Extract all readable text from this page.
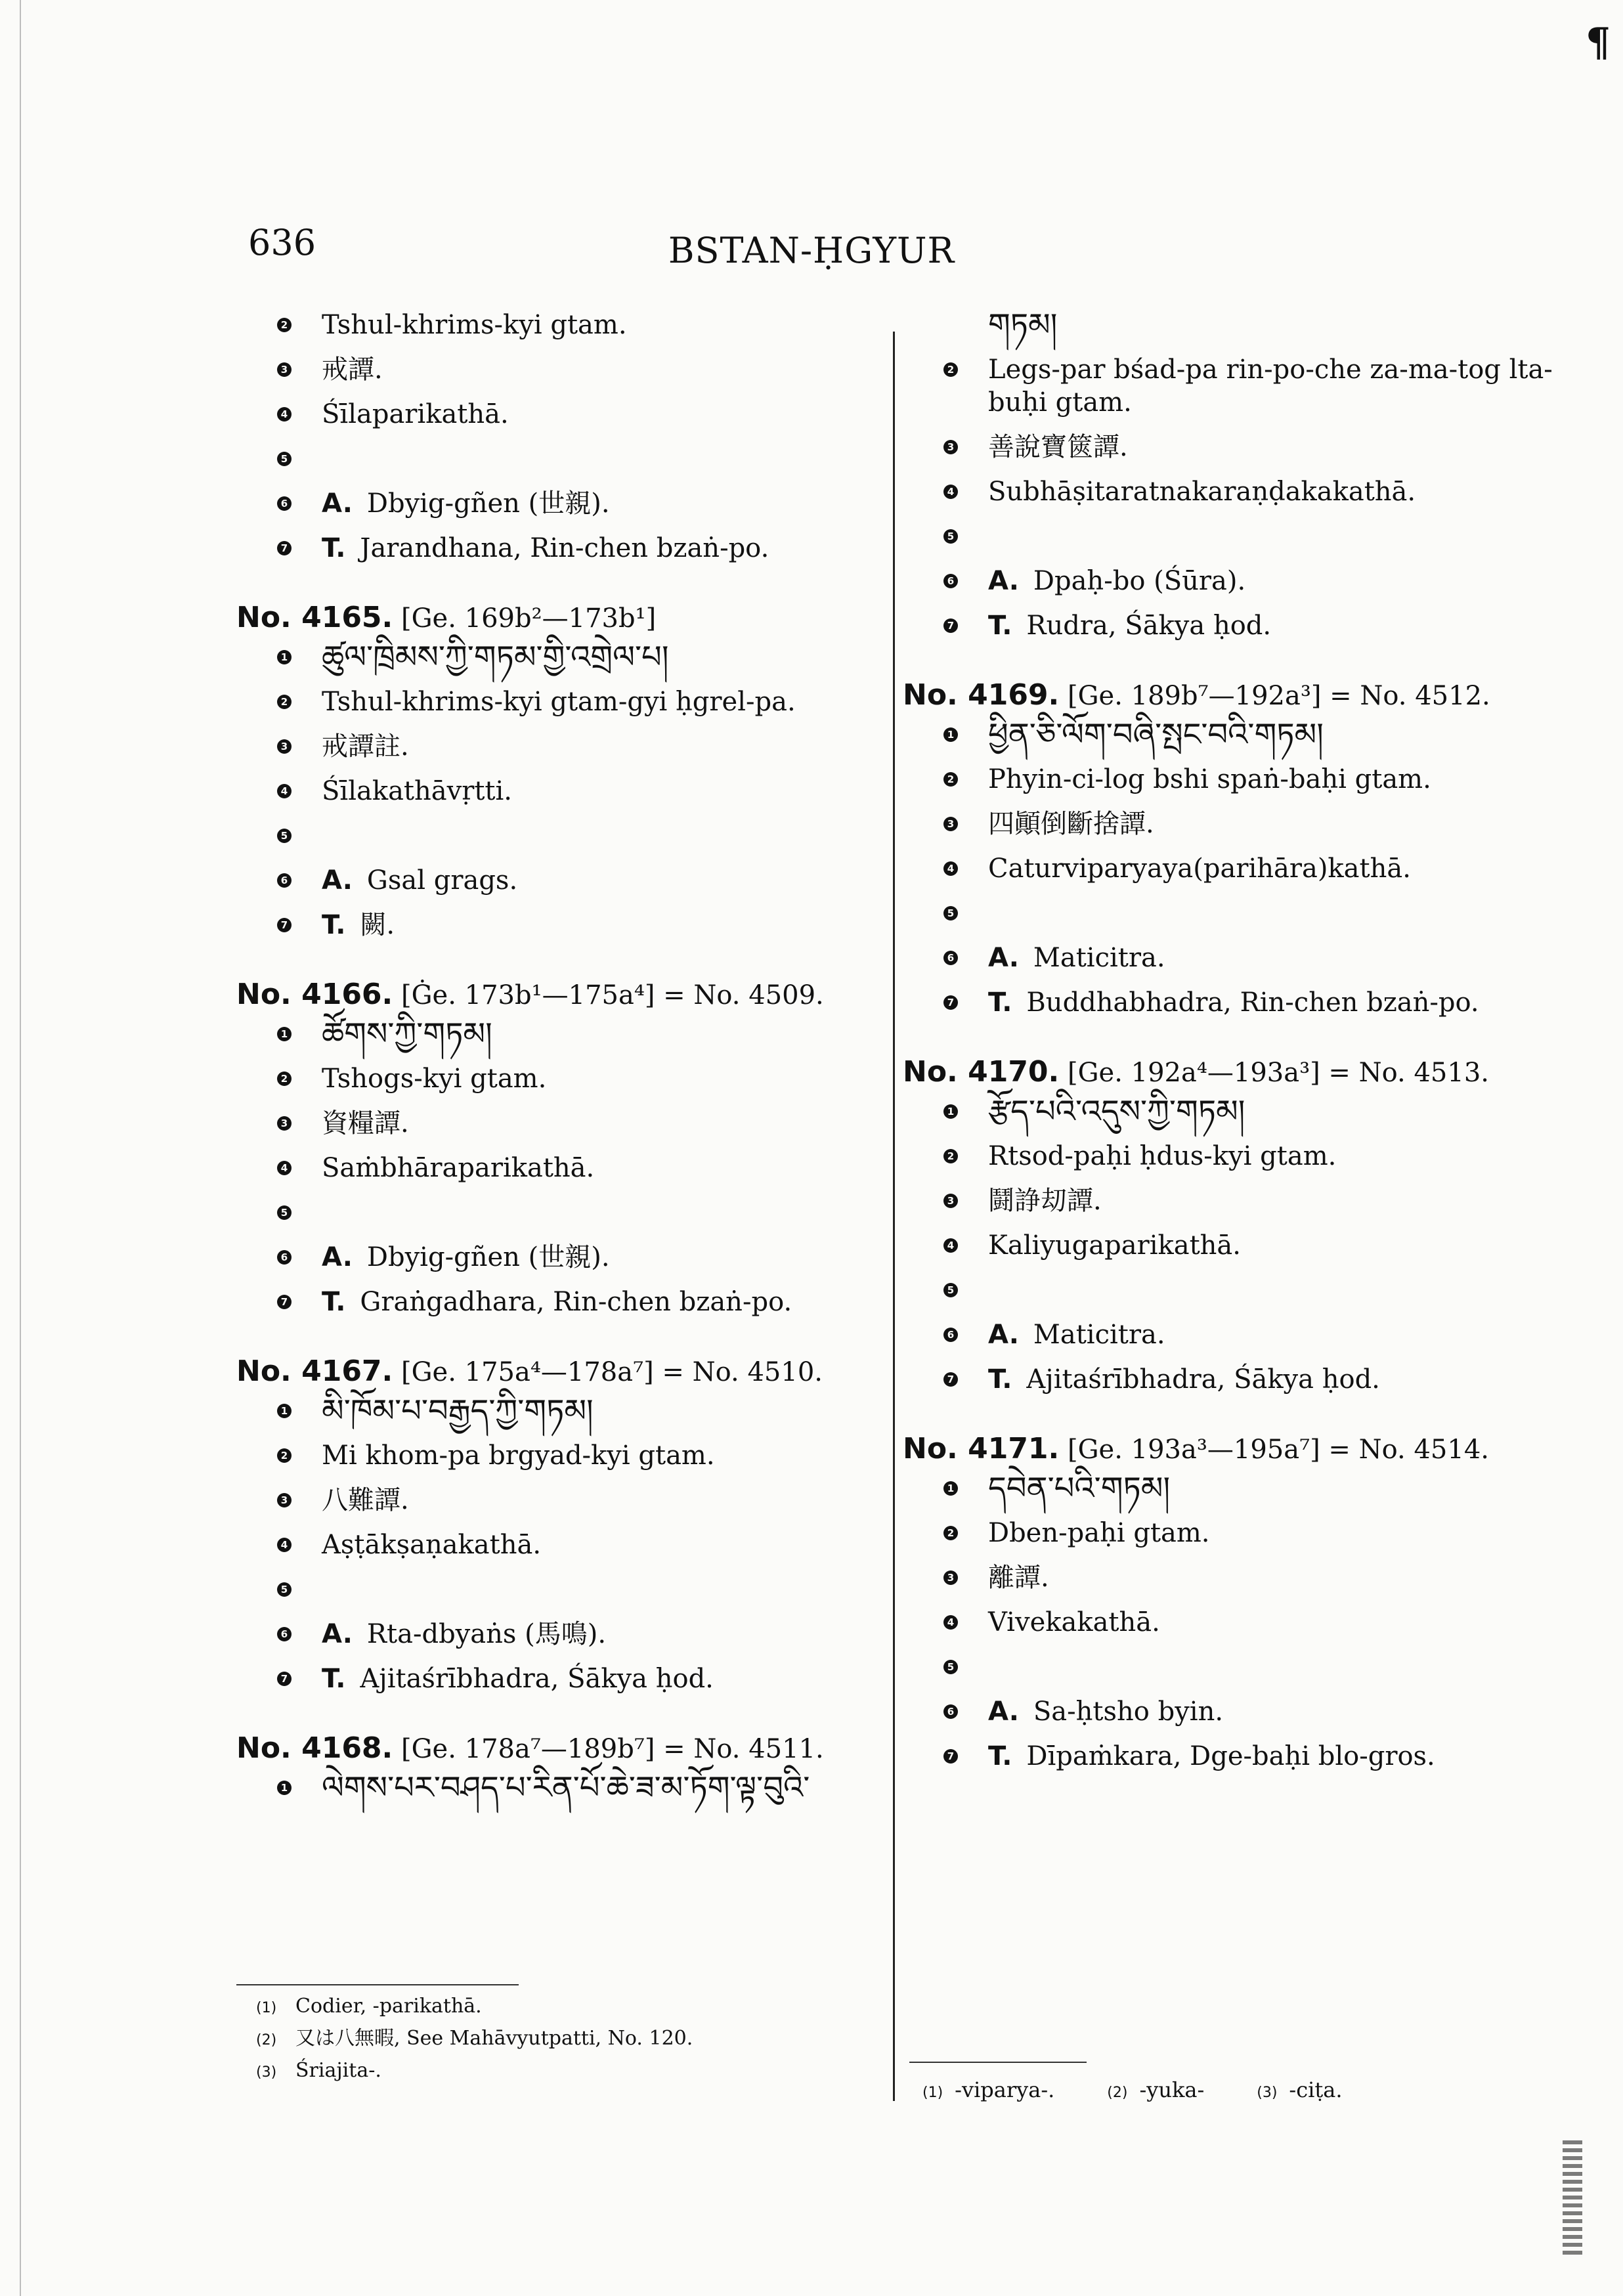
¶
636	BSTAN-ḤGYUR
2 Tshul-khrims-kyi gtam.
3 戒譚.
4 Śīlaparikathā.
5
6 A. Dbyig-gñen (世親).
7 T. Jarandhana, Rin-chen bzaṅ-po.
No. 4165. [Ge. 169b²—173b¹]
1 ཚུལ་ཁྲིམས་ཀྱི་གཏམ་གྱི་འགྲེལ་པ།
2 Tshul-khrims-kyi gtam-gyi ḥgrel-pa.
3 戒譚註.
4 Śīlakathāvṛtti.
5
6 A. Gsal grags.
7 T. 闕.
No. 4166. [Ġe. 173b¹—175a⁴] = No. 4509.
1 ཚོགས་ཀྱི་གཏམ།
2 Tshogs-kyi gtam.
3 資糧譚.
4 Saṁbhāraparikathā.
5
6 A. Dbyig-gñen (世親).
7 T. Graṅgadhara, Rin-chen bzaṅ-po.
No. 4167. [Ge. 175a⁴—178a⁷] = No. 4510.
1 མི་ཁོམ་པ་བརྒྱད་ཀྱི་གཏམ།
2 Mi khom-pa brgyad-kyi gtam.
3 八難譚.
4 Aṣṭākṣaṇakathā.
5
6 A. Rta-dbyaṅs (馬鳴).
7 T. Ajitaśrībhadra, Śākya ḥod.
No. 4168. [Ge. 178a⁷—189b⁷] = No. 4511.
1 ལེགས་པར་བཤད་པ་རིན་པོ་ཆེ་ཟ་མ་ཏོག་ལྟ་བུའི་
གཏམ།
2 Legs-par bśad-pa rin-po-che za-ma-tog lta-buḥi gtam.
3 善說寶篋譚.
4 Subhāṣitaratnakaraṇḍakakathā.
5
6 A. Dpaḥ-bo (Śūra).
7 T. Rudra, Śākya ḥod.
No. 4169. [Ge. 189b⁷—192a³] = No. 4512.
1 ཕྱིན་ཅི་ལོག་བཞི་སྤང་བའི་གཏམ།
2 Phyin-ci-log bshi spaṅ-baḥi gtam.
3 四顚倒斷捨譚.
4 Caturviparyaya(parihāra)kathā.
5
6 A. Maticitra.
7 T. Buddhabhadra, Rin-chen bzaṅ-po.
No. 4170. [Ge. 192a⁴—193a³] = No. 4513.
1 རྩོད་པའི་འདུས་ཀྱི་གཏམ།
2 Rtsod-paḥi ḥdus-kyi gtam.
3 鬪諍刧譚.
4 Kaliyugaparikathā.
5
6 A. Maticitra.
7 T. Ajitaśrībhadra, Śākya ḥod.
No. 4171. [Ge. 193a³—195a⁷] = No. 4514.
1 དབེན་པའི་གཏམ།
2 Dben-paḥi gtam.
3 離譚.
4 Vivekakathā.
5
6 A. Sa-ḥtsho byin.
7 T. Dīpaṁkara, Dge-baḥi blo-gros.
(1) Codier, -parikathā.
(2) 又は八無暇, See Mahāvyutpatti, No. 120.
(3) Śriajita-.
(1) -viparya-.	(2) -yuka-	(3) -ciṭa.
